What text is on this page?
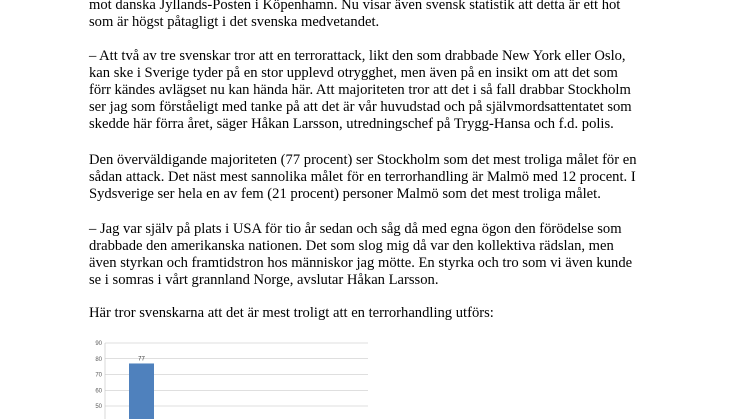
mot danska Jyllands-Posten i Köpenhamn. Nu visar även svensk statistik att detta är ett hot
som är högst påtagligt i det svenska medvetandet.
– Att två av tre svenskar tror att en terrorattack, likt den som drabbade New York eller Oslo,
kan ske i Sverige tyder på en stor upplevd otrygghet, men även på en insikt om att det som
förr kändes avlägset nu kan hända här. Att majoriteten tror att det i så fall drabbar Stockholm
ser jag som förståeligt med tanke på att det är vår huvudstad och på självmordsattentatet som
skedde här förra året, säger Håkan Larsson, utredningschef på Trygg-Hansa och f.d. polis.
Den överväldigande majoriteten (77 procent) ser Stockholm som det mest troliga målet för en
sådan attack. Det näst mest sannolika målet för en terrorhandling är Malmö med 12 procent. I
Sydsverige ser hela en av fem (21 procent) personer Malmö som det mest troliga målet.
– Jag var själv på plats i USA för tio år sedan och såg då med egna ögon den förödelse som
drabbade den amerikanska nationen. Det som slog mig då var den kollektiva rädslan, men
även styrkan och framtidstron hos människor jag mötte. En styrka och tro som vi även kunde
se i somras i vårt grannland Norge, avslutar Håkan Larsson.
Här tror svenskarna att det är mest troligt att en terrorhandling utförs:
90
80
70
60
50
77
